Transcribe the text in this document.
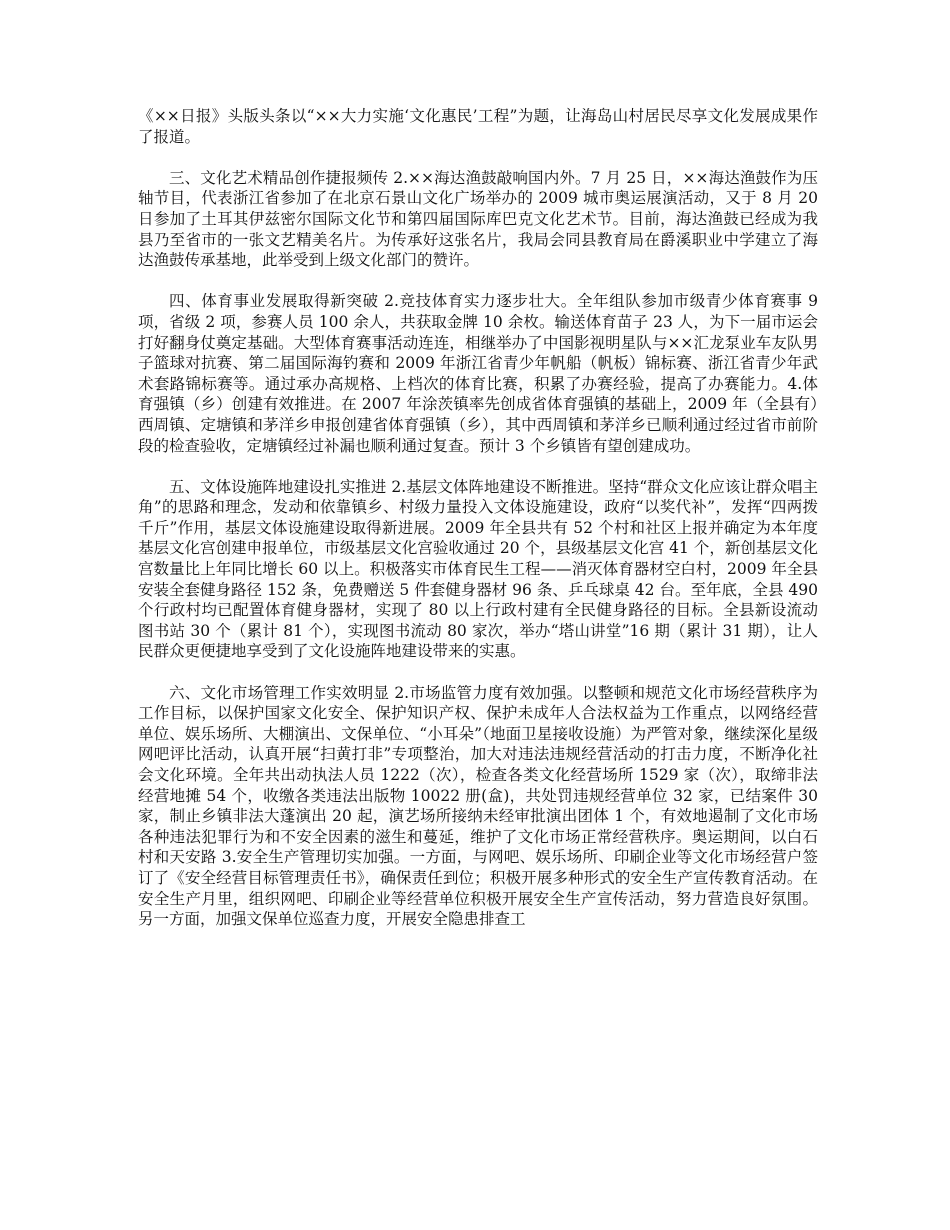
《××日报》头版头条以“××大力实施‘文化惠民’工程”为题，让海岛山村居民尽享文化发展成果作了报道。

三、文化艺术精品创作捷报频传 2.××海达渔鼓敲响国内外。7 月 25 日，××海达渔鼓作为压轴节目，代表浙江省参加了在北京石景山文化广场举办的 2009 城市奥运展演活动，又于 8 月 20 日参加了土耳其伊兹密尔国际文化节和第四届国际库巴克文化艺术节。目前，海达渔鼓已经成为我县乃至省市的一张文艺精美名片。为传承好这张名片，我局会同县教育局在爵溪职业中学建立了海达渔鼓传承基地，此举受到上级文化部门的赞许。

四、体育事业发展取得新突破 2.竞技体育实力逐步壮大。全年组队参加市级青少体育赛事 9 项，省级 2 项，参赛人员 100 余人，共获取金牌 10 余枚。输送体育苗子 23 人，为下一届市运会打好翻身仗奠定基础。大型体育赛事活动连连，相继举办了中国影视明星队与××汇龙泵业车友队男子篮球对抗赛、第二届国际海钓赛和 2009 年浙江省青少年帆船（帆板）锦标赛、浙江省青少年武术套路锦标赛等。通过承办高规格、上档次的体育比赛，积累了办赛经验，提高了办赛能力。4.体育强镇（乡）创建有效推进。在 2007 年涂茨镇率先创成省体育强镇的基础上，2009 年（全县有）西周镇、定塘镇和茅洋乡申报创建省体育强镇（乡），其中西周镇和茅洋乡已顺利通过经过省市前阶段的检查验收，定塘镇经过补漏也顺利通过复查。预计 3 个乡镇皆有望创建成功。

五、文体设施阵地建设扎实推进 2.基层文体阵地建设不断推进。坚持“群众文化应该让群众唱主角”的思路和理念，发动和依靠镇乡、村级力量投入文体设施建设，政府“以奖代补”，发挥“四两拨千斤”作用，基层文体设施建设取得新进展。2009 年全县共有 52 个村和社区上报并确定为本年度基层文化宫创建申报单位，市级基层文化宫验收通过 20 个，县级基层文化宫 41 个，新创基层文化宫数量比上年同比增长 60 以上。积极落实市体育民生工程——消灭体育器材空白村，2009 年全县安装全套健身路径 152 条，免费赠送 5 件套健身器材 96 条、乒乓球桌 42 台。至年底，全县 490 个行政村均已配置体育健身器材，实现了 80 以上行政村建有全民健身路径的目标。全县新设流动图书站 30 个（累计 81 个），实现图书流动 80 家次，举办“塔山讲堂”16 期（累计 31 期），让人民群众更便捷地享受到了文化设施阵地建设带来的实惠。

六、文化市场管理工作实效明显 2.市场监管力度有效加强。以整顿和规范文化市场经营秩序为工作目标，以保护国家文化安全、保护知识产权、保护未成年人合法权益为工作重点，以网络经营单位、娱乐场所、大棚演出、文保单位、“小耳朵”（地面卫星接收设施）为严管对象，继续深化星级网吧评比活动，认真开展“扫黄打非”专项整治，加大对违法违规经营活动的打击力度，不断净化社会文化环境。全年共出动执法人员 1222（次），检查各类文化经营场所 1529 家（次），取缔非法经营地摊 54 个，收缴各类违法出版物 10022 册(盒)，共处罚违规经营单位 32 家，已结案件 30 家，制止乡镇非法大蓬演出 20 起，演艺场所接纳未经审批演出团体 1 个，有效地遏制了文化市场各种违法犯罪行为和不安全因素的滋生和蔓延，维护了文化市场正常经营秩序。奥运期间，以白石村和天安路 3.安全生产管理切实加强。一方面，与网吧、娱乐场所、印刷企业等文化市场经营户签订了《安全经营目标管理责任书》，确保责任到位；积极开展多种形式的安全生产宣传教育活动。在安全生产月里，组织网吧、印刷企业等经营单位积极开展安全生产宣传活动，努力营造良好氛围。另一方面，加强文保单位巡查力度，开展安全隐患排查工
